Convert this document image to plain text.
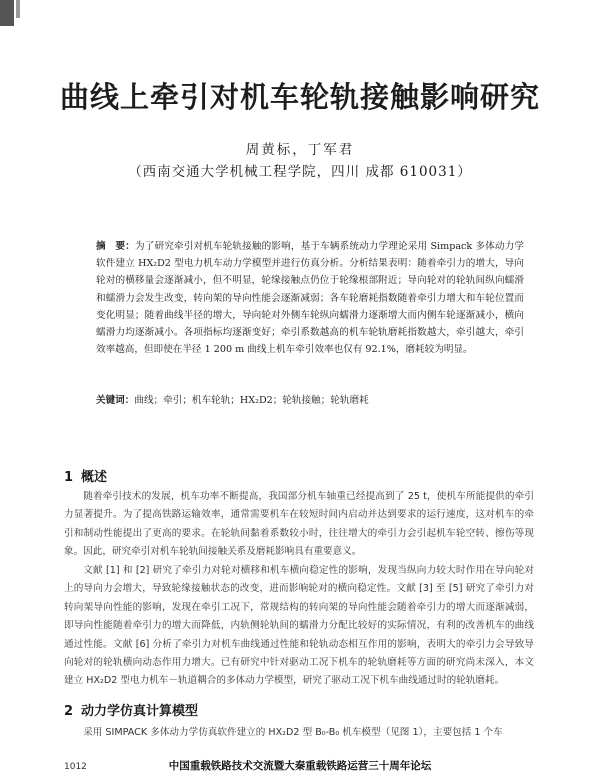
曲线上牵引对机车轮轨接触影响研究
周黄标，丁军君
（西南交通大学机械工程学院，四川 成都 610031）
摘　要：为了研究牵引对机车轮轨接触的影响，基于车辆系统动力学理论采用 Simpack 多体动力学软件建立 HX₂D2 型电力机车动力学模型并进行仿真分析。分析结果表明：随着牵引力的增大，导向轮对的横移量会逐渐减小，但不明显，轮缘接触点仍位于轮缘根部附近；导向轮对的轮轨间纵向蠕滑和蠕滑力会发生改变，转向架的导向性能会逐渐减弱；各车轮磨耗指数随着牵引力增大和车轮位置而变化明显；随着曲线半径的增大，导向轮对外侧车轮纵向蠕滑力逐渐增大而内侧车轮逐渐减小，横向蠕滑力均逐渐减小。各项指标均逐渐变好；牵引系数越高的机车轮轨磨耗指数越大，牵引越大，牵引效率越高，但即使在半径 1 200 m 曲线上机车牵引效率也仅有 92.1%，磨耗较为明显。
关键词：曲线；牵引；机车轮轨；HX₂D2；轮轨接触；轮轨磨耗
1 概述
随着牵引技术的发展，机车功率不断提高，我国部分机车轴重已经提高到了 25 t，使机车所能提供的牵引力显著提升。为了提高铁路运输效率，通常需要机车在较短时间内启动并达到要求的运行速度，这对机车的牵引和制动性能提出了更高的要求。在轮轨间黏着系数较小时，往往增大的牵引力会引起机车轮空转、擦伤等现象。因此，研究牵引对机车轮轨间接触关系及磨耗影响具有重要意义。
文献 [1] 和 [2] 研究了牵引力对轮对横移和机车横向稳定性的影响，发现当纵向力较大时作用在导向轮对上的导向力会增大，导致轮缘接触状态的改变，进而影响轮对的横向稳定性。文献 [3] 至 [5] 研究了牵引力对转向架导向性能的影响，发现在牵引工况下，常规结构的转向架的导向性能会随着牵引力的增大而逐渐减弱，即导向性能随着牵引力的增大而降低，内轨侧轮轨间的蠕滑力分配比较好的实际情况，有利的改善机车的曲线通过性能。文献 [6] 分析了牵引力对机车曲线通过性能和轮轨动态相互作用的影响，表明大的牵引力会导致导向轮对的轮轨横向动态作用力增大。已有研究中针对驱动工况下机车的轮轨磨耗等方面的研究尚未深入，本文建立 HX₂D2 型电力机车－轨道耦合的多体动力学模型，研究了驱动工况下机车曲线通过时的轮轨磨耗。
2 动力学仿真计算模型
采用 SIMPACK 多体动力学仿真软件建立的 HX₂D2 型 B₀-B₀ 机车模型（见图 1），主要包括 1 个车
1012	中国重载铁路技术交流暨大秦重载铁路运营三十周年论坛
